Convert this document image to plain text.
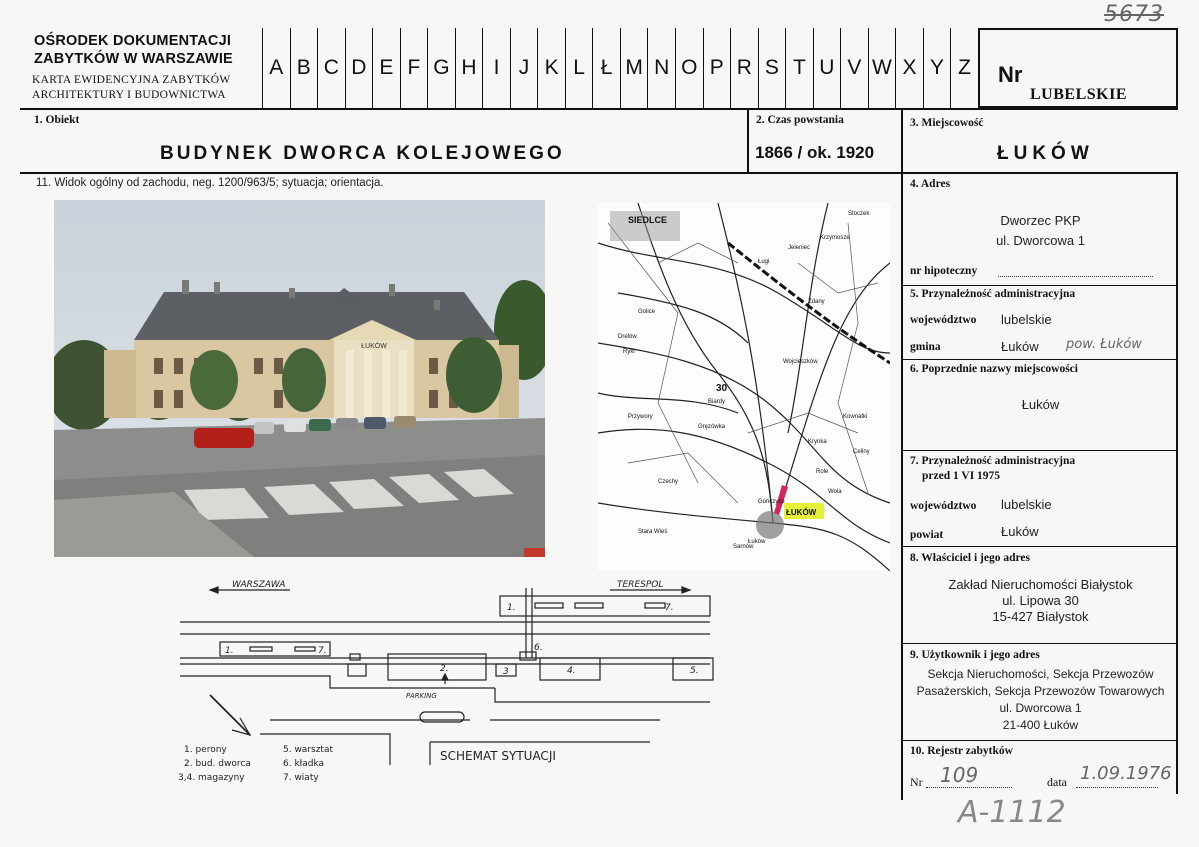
5673
OŚRODEK DOKUMENTACJI
ZABYTKÓW W WARSZAWIE
KARTA EWIDENCYJNA ZABYTKÓW
ARCHITEKTURY I BUDOWNICTWA
A B C D E F G H I J K L Ł M N O P R S T U V W X Y Z	Nr
LUBELSKIE
1. Obiekt
BUDYNEK DWORCA KOLEJOWEGO
2. Czas powstania
1866 / ok. 1920
3. Miejscowość
ŁUKÓW
11. Widok ogólny od zachodu, neg. 1200/963/5; sytuacja; orientacja.
ŁUKÓW
Łuków
Stoczek
Krzymosze
Wojcieszków
Zdany
Gończyce
Krynka
Role
Wola
Celiny
Golice
Ryki
Drelów
Przywory
Gręzówka
Stara Wieś
Biardy
Ługi
Jeleniec
Czechy
Sarnów
Kownatki
ŁUKÓW
SIEDLCE
30
4. Adres
Dworzec PKP
ul. Dworcowa 1
nr hipoteczny
5. Przynależność administracyjna
województwo lubelskie
gmina	Łuków pow. Łuków
6. Poprzednie nazwy miejscowości
Łuków
7. Przynależność administracyjna
przed 1 VI 1975
województwo lubelskie
powiat	Łuków
8. Właściciel i jego adres
Zakład Nieruchomości Białystok
ul. Lipowa 30
15-427 Białystok
9. Użytkownik i jego adres
Sekcja Nieruchomości, Sekcja Przewozów
Pasażerskich, Sekcja Przewozów Towarowych
ul. Dworcowa 1
21-400 Łuków
10. Rejestr zabytków
Nr 109	data 1.09.1976
A-1112
WARSZAWA	TERESPOL
1.	7.
1.	7.
2.	3	4.	5.
6.
PARKING
SCHEMAT SYTUACJI
1. perony
2. bud. dworca
3,4. magazyny
5. warsztat
6. kładka
7. wiaty
